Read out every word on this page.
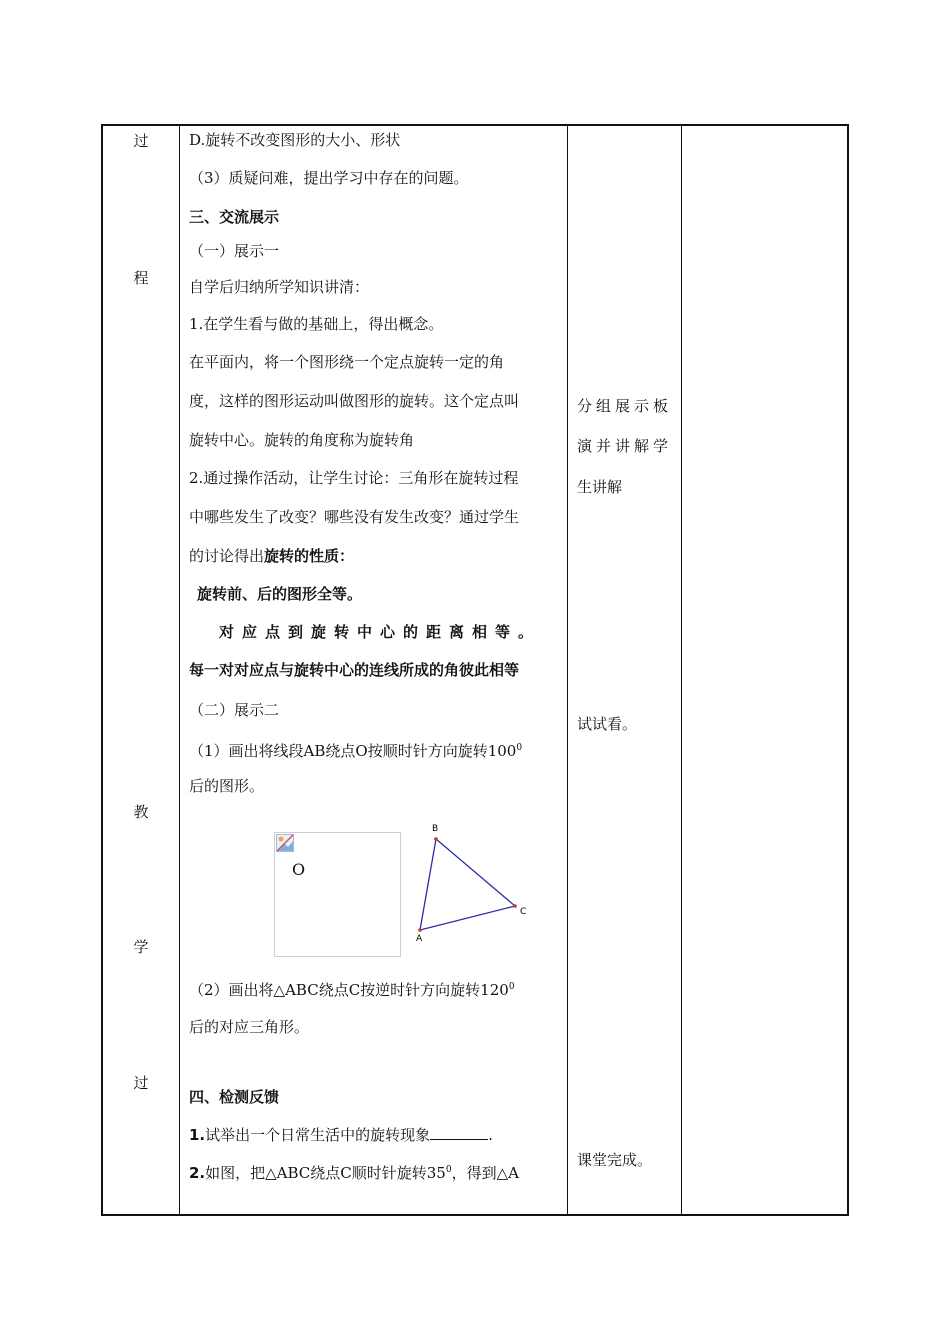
过
程
教
学
过
D.旋转不改变图形的大小、形状
（3）质疑问难，提出学习中存在的问题。
三、交流展示
（一）展示一
自学后归纳所学知识讲清：
1.在学生看与做的基础上，得出概念。
在平面内，将一个图形绕一个定点旋转一定的角
度，这样的图形运动叫做图形的旋转。这个定点叫
旋转中心。旋转的角度称为旋转角
2.通过操作活动，让学生讨论：三角形在旋转过程
中哪些发生了改变？哪些没有发生改变？通过学生
的讨论得出旋转的性质：
旋转前、后的图形全等。
对应点到旋转中心的距离相等。
每一对对应点与旋转中心的连线所成的角彼此相等
（二）展示二
（1）画出将线段AB绕点O按顺时针方向旋转$100^0$
后的图形。
（2）画出将△ABC绕点C按逆时针方向旋转$120^0$
后的对应三角形。
四、检测反馈
1.试举出一个日常生活中的旋转现象	.
2.如图，把△ABC绕点C顺时针旋转$35^0$，得到△A
O
B
C
A
分组展示板
演并讲解学
生讲解
试试看。
课堂完成。
